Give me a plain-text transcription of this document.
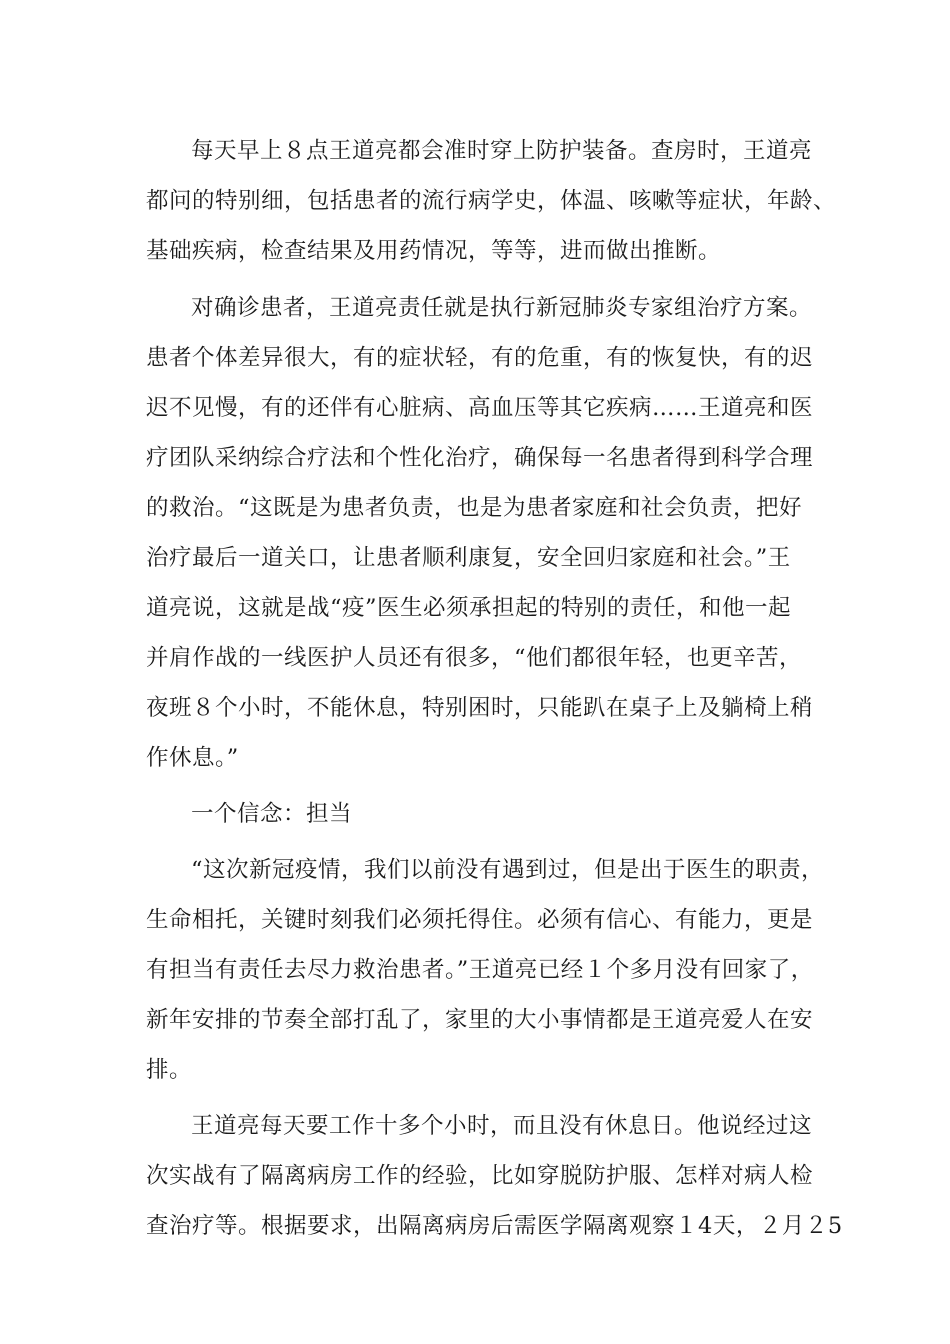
每天早上８点王道亮都会准时穿上防护装备。查房时，王道亮
都问的特别细，包括患者的流行病学史，体温、咳嗽等症状，年龄、
基础疾病，检查结果及用药情况，等等，进而做出推断。
对确诊患者，王道亮责任就是执行新冠肺炎专家组治疗方案。
患者个体差异很大，有的症状轻，有的危重，有的恢复快，有的迟
迟不见慢，有的还伴有心脏病、高血压等其它疾病……王道亮和医
疗团队采纳综合疗法和个性化治疗，确保每一名患者得到科学合理
的救治。“这既是为患者负责，也是为患者家庭和社会负责，把好
治疗最后一道关口，让患者顺利康复，安全回归家庭和社会。”王
道亮说，这就是战“疫”医生必须承担起的特别的责任，和他一起
并肩作战的一线医护人员还有很多，“他们都很年轻，也更辛苦，
夜班８个小时，不能休息，特别困时，只能趴在桌子上及躺椅上稍
作休息。”
一个信念：担当
“这次新冠疫情，我们以前没有遇到过，但是出于医生的职责，
生命相托，关键时刻我们必须托得住。必须有信心、有能力，更是
有担当有责任去尽力救治患者。”王道亮已经１个多月没有回家了，
新年安排的节奏全部打乱了，家里的大小事情都是王道亮爱人在安
排。
王道亮每天要工作十多个小时，而且没有休息日。他说经过这
次实战有了隔离病房工作的经验，比如穿脱防护服、怎样对病人检
查治疗等。根据要求，出隔离病房后需医学隔离观察１4天，２月２5
